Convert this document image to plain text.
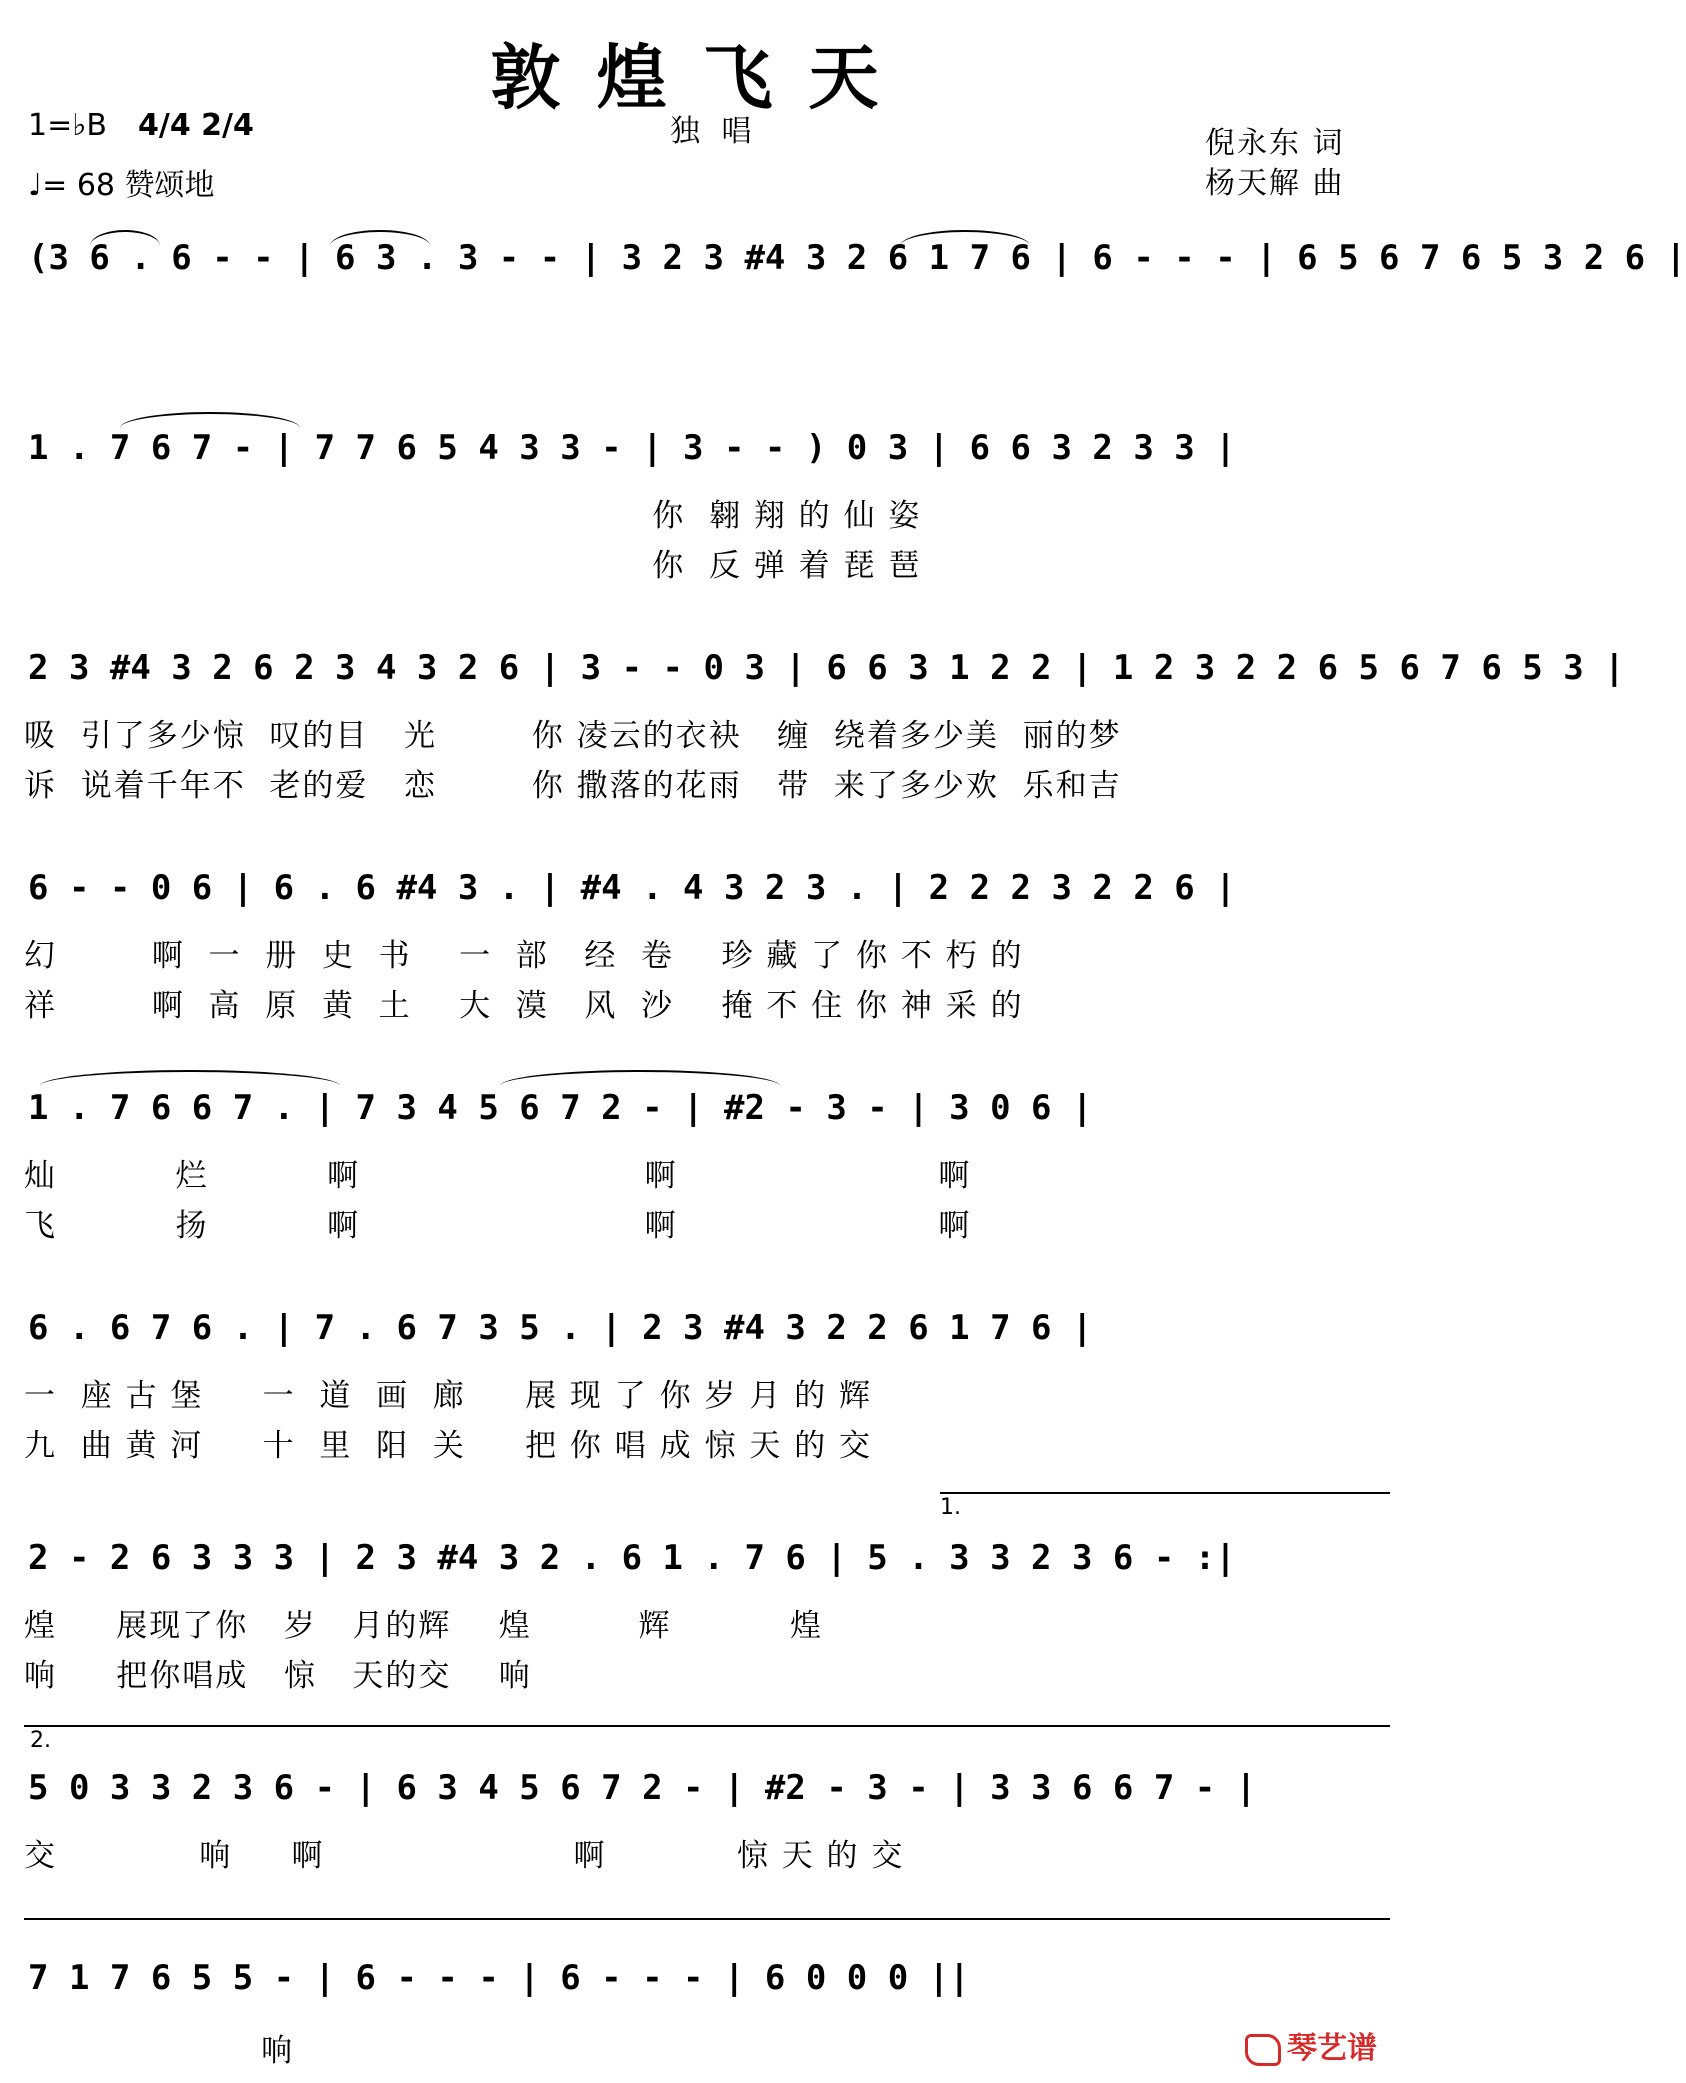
敦煌飞天
1=♭B 4/4 2/4	独 唱
♩= 68 赞颂地
倪永东 词
杨天解 曲
(3 6 . 6 - - | 6 3 . 3 - - | 3 2 3 #4 3 2 6 1 7 6 | 6 - - - | 6 5 6 7 6 5 3 2 6 |
1 . 7 6 7 - | 7 7 6 5 4 3 3 - | 3 - - ) 0 3 | 6 6 3 2 3 3 |
你  翱 翔 的 仙 姿
你  反 弹 着 琵 琶
2 3 #4 3 2 6 2 3 4 3 2 6 | 3 - - 0 3 | 6 6 3 1 2 2 | 1 2 3 2 2 6 5 6 7 6 5 3 |
吸  引了多少惊  叹的目   光        你 凌云的衣袂   缠  绕着多少美  丽的梦
诉  说着千年不  老的爱   恋        你 撒落的花雨   带  来了多少欢  乐和吉
6 - - 0 6 | 6 . 6 #4 3 . | #4 . 4 3 2 3 . | 2 2 2 3 2 2 6 |
幻        啊  一  册  史  书    一  部   经  卷    珍 藏 了 你 不 朽 的
祥        啊  高  原  黄  土    大  漠   风  沙    掩 不 住 你 神 采 的
1 . 7 6 6 7 . | 7 3 4 5 6 7 2 - | #2 - 3 - | 3 0 6 |
灿          烂          啊                        啊                      啊
飞          扬          啊                        啊                      啊
6 . 6 7 6 . | 7 . 6 7 3 5 . | 2 3 #4 3 2 2 6 1 7 6 |
一  座 古 堡     一  道  画  廊     展 现 了 你 岁 月 的 辉
九  曲 黄 河     十  里  阳  关     把 你 唱 成 惊 天 的 交
1.
2 - 2 6 3 3 3 | 2 3 #4 3 2 . 6 1 . 7 6 | 5 . 3 3 2 3 6 - :|
煌     展现了你   岁   月的辉    煌         辉          煌
响     把你唱成   惊   天的交    响
2.
5 0 3 3 2 3 6 - | 6 3 4 5 6 7 2 - | #2 - 3 - | 3 3 6 6 7 - |
交            响     啊                     啊           惊 天 的 交
7 1 7 6 5 5 - | 6 - - - | 6 - - - | 6 0 0 0 ||
响	琴艺谱
